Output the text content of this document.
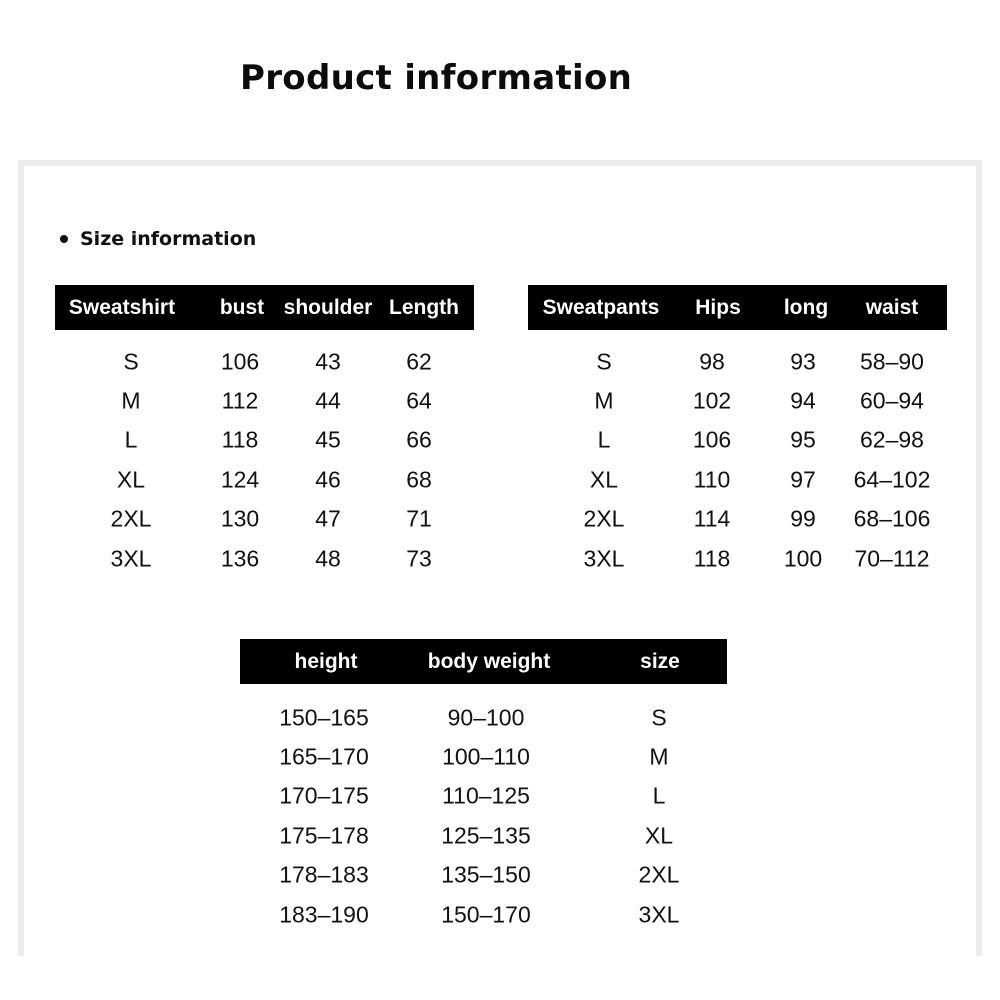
Product information
Size information
Sweatshirt bust shoulder Length
S	106 43	62
M	112 44	64
L	118 45	66
XL	124 46	68
2XL	130 47	71
3XL	136 48	73
Sweatpants Hips long waist
S	98	93 58–90
M	102	94 60–94
L	106	95 62–98
XL	110	97 64–102
2XL	114	99 68–106
3XL	118 100 70–112
height	body weight	size
150–165	90–100	S
165–170	100–110	M
170–175	110–125	L
175–178	125–135	XL
178–183	135–150	2XL
183–190	150–170	3XL
